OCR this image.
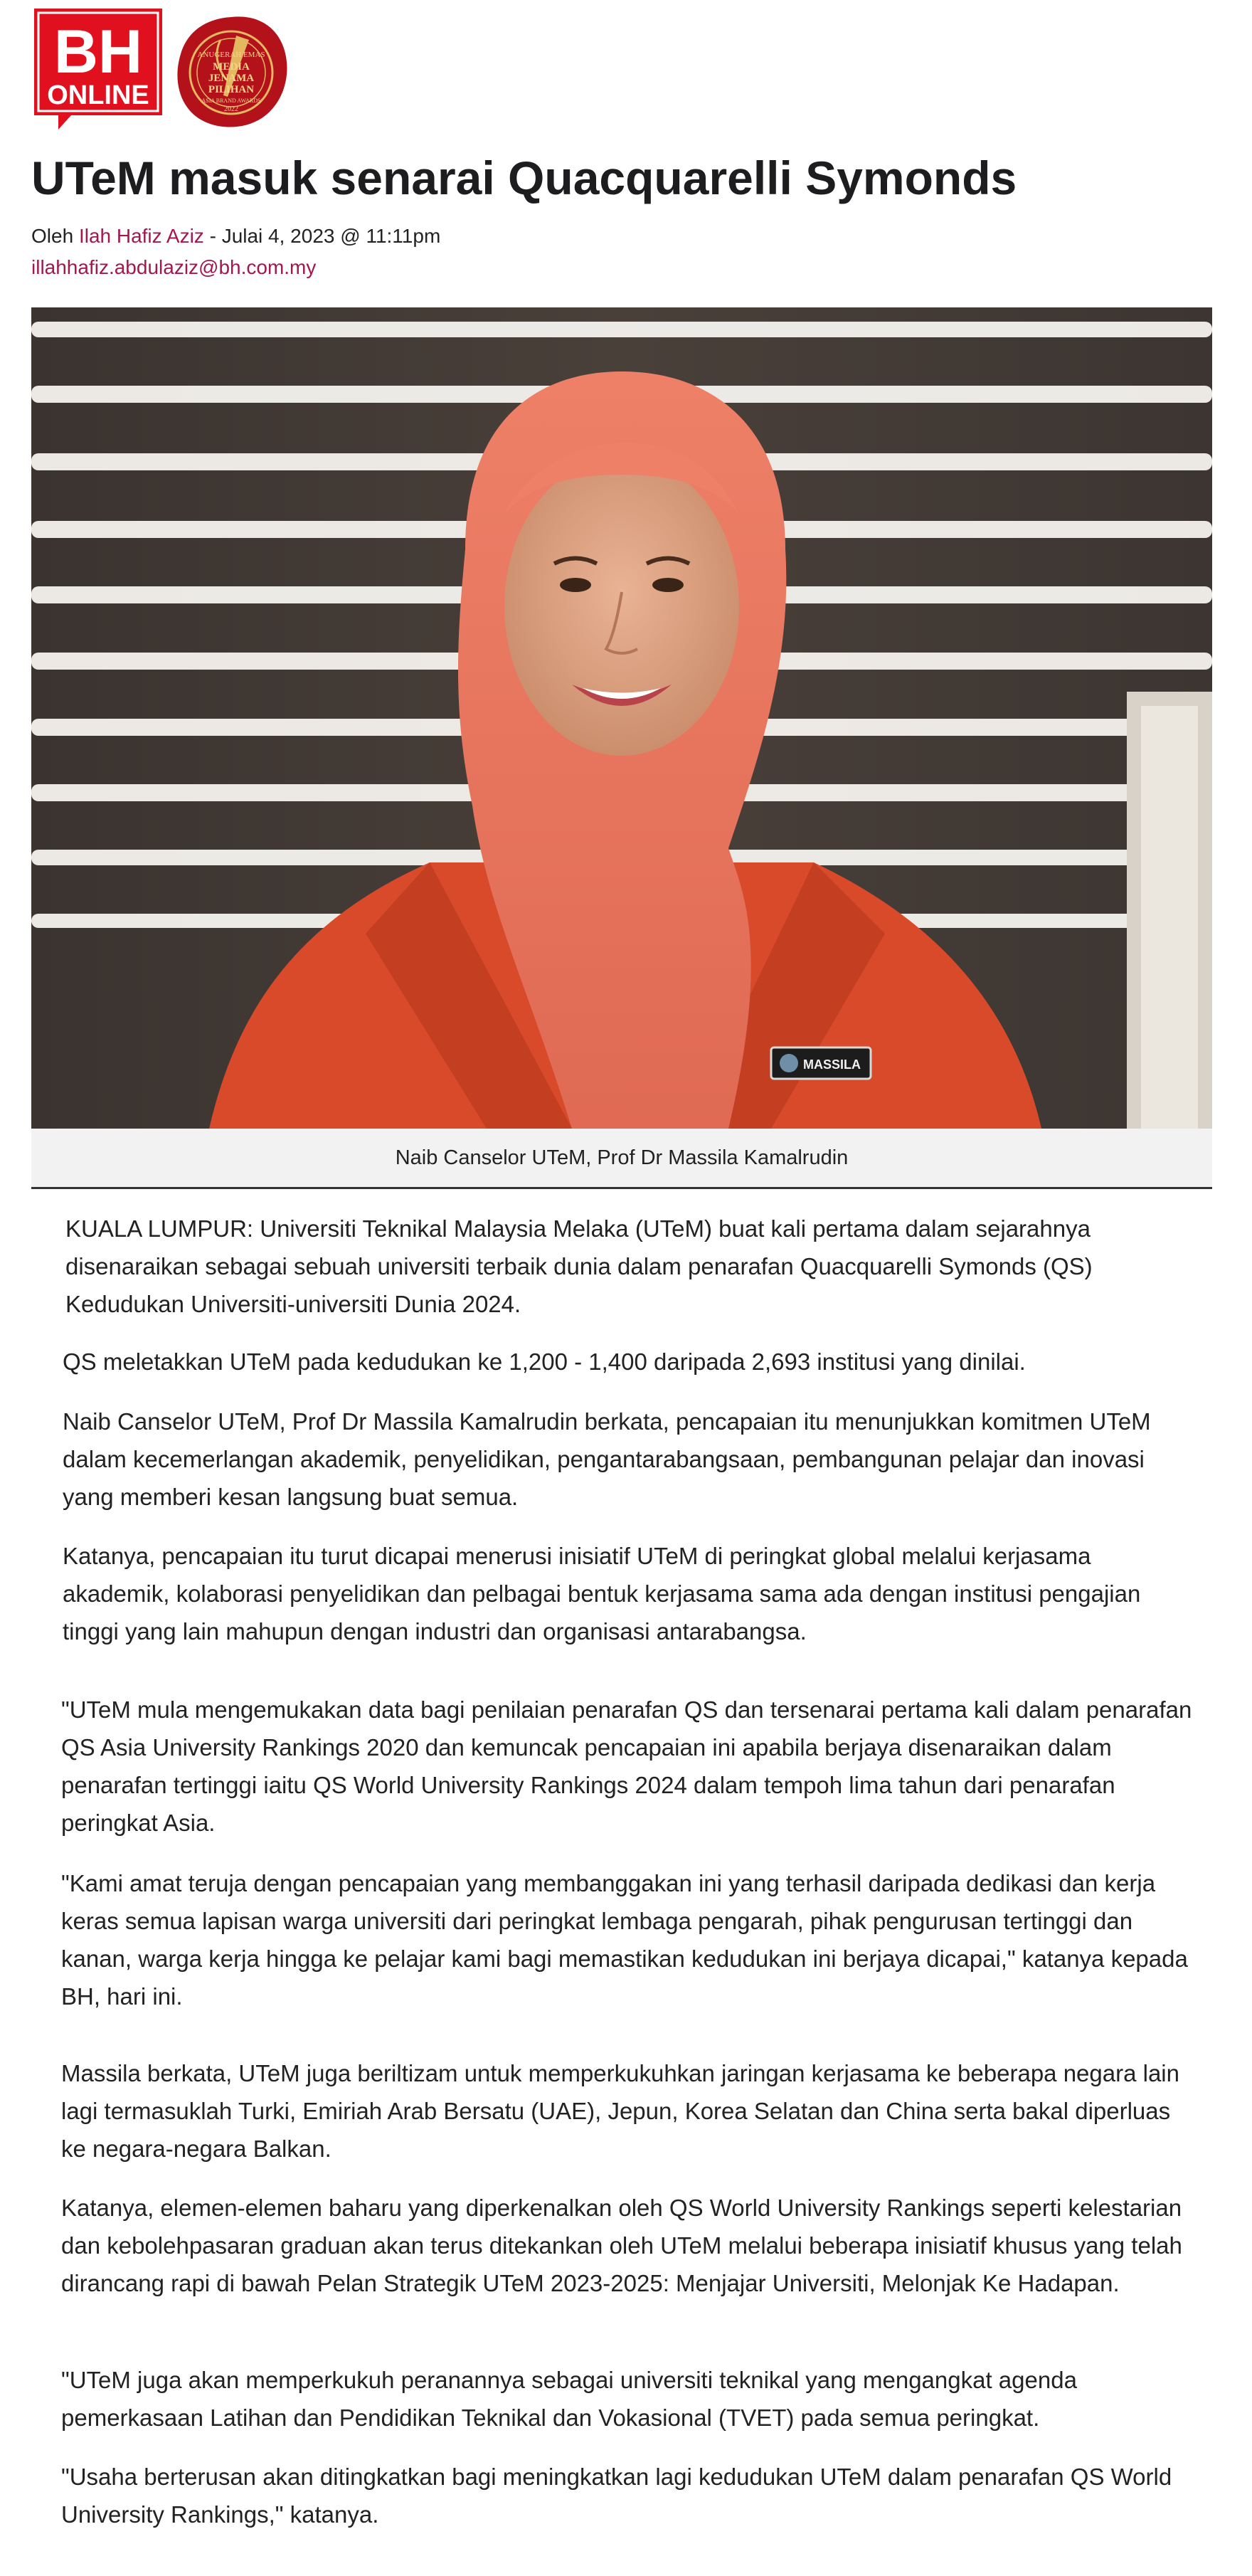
BH
ONLINE
ANUGERAH EMAS
MEDIA
JENAMA
PILIHAN
ASIA BRAND AWARDS
2022
UTeM masuk senarai Quacquarelli Symonds
Oleh Ilah Hafiz Aziz - Julai 4, 2023 @ 11:11pm
illahhafiz.abdulaziz@bh.com.my
MASSILA
Naib Canselor UTeM, Prof Dr Massila Kamalrudin

KUALA LUMPUR: Universiti Teknikal Malaysia Melaka (UTeM) buat kali pertama dalam sejarahnya disenaraikan sebagai sebuah universiti terbaik dunia dalam penarafan Quacquarelli Symonds (QS) Kedudukan Universiti-universiti Dunia 2024.

QS meletakkan UTeM pada kedudukan ke 1,200 - 1,400 daripada 2,693 institusi yang dinilai.

Naib Canselor UTeM, Prof Dr Massila Kamalrudin berkata, pencapaian itu menunjukkan komitmen UTeM dalam kecemerlangan akademik, penyelidikan, pengantarabangsaan, pembangunan pelajar dan inovasi yang memberi kesan langsung buat semua.

Katanya, pencapaian itu turut dicapai menerusi inisiatif UTeM di peringkat global melalui kerjasama akademik, kolaborasi penyelidikan dan pelbagai bentuk kerjasama sama ada dengan institusi pengajian tinggi yang lain mahupun dengan industri dan organisasi antarabangsa.

"UTeM mula mengemukakan data bagi penilaian penarafan QS dan tersenarai pertama kali dalam penarafan QS Asia University Rankings 2020 dan kemuncak pencapaian ini apabila berjaya disenaraikan dalam penarafan tertinggi iaitu QS World University Rankings 2024 dalam tempoh lima tahun dari penarafan peringkat Asia.

"Kami amat teruja dengan pencapaian yang membanggakan ini yang terhasil daripada dedikasi dan kerja keras semua lapisan warga universiti dari peringkat lembaga pengarah, pihak pengurusan tertinggi dan kanan, warga kerja hingga ke pelajar kami bagi memastikan kedudukan ini berjaya dicapai," katanya kepada BH, hari ini.

Massila berkata, UTeM juga beriltizam untuk memperkukuhkan jaringan kerjasama ke beberapa negara lain lagi termasuklah Turki, Emiriah Arab Bersatu (UAE), Jepun, Korea Selatan dan China serta bakal diperluas ke negara-negara Balkan.

Katanya, elemen-elemen baharu yang diperkenalkan oleh QS World University Rankings seperti kelestarian dan kebolehpasaran graduan akan terus ditekankan oleh UTeM melalui beberapa inisiatif khusus yang telah dirancang rapi di bawah Pelan Strategik UTeM 2023-2025: Menjajar Universiti, Melonjak Ke Hadapan.

"UTeM juga akan memperkukuh peranannya sebagai universiti teknikal yang mengangkat agenda pemerkasaan Latihan dan Pendidikan Teknikal dan Vokasional (TVET) pada semua peringkat.

"Usaha berterusan akan ditingkatkan bagi meningkatkan lagi kedudukan UTeM dalam penarafan QS World University Rankings," katanya.
